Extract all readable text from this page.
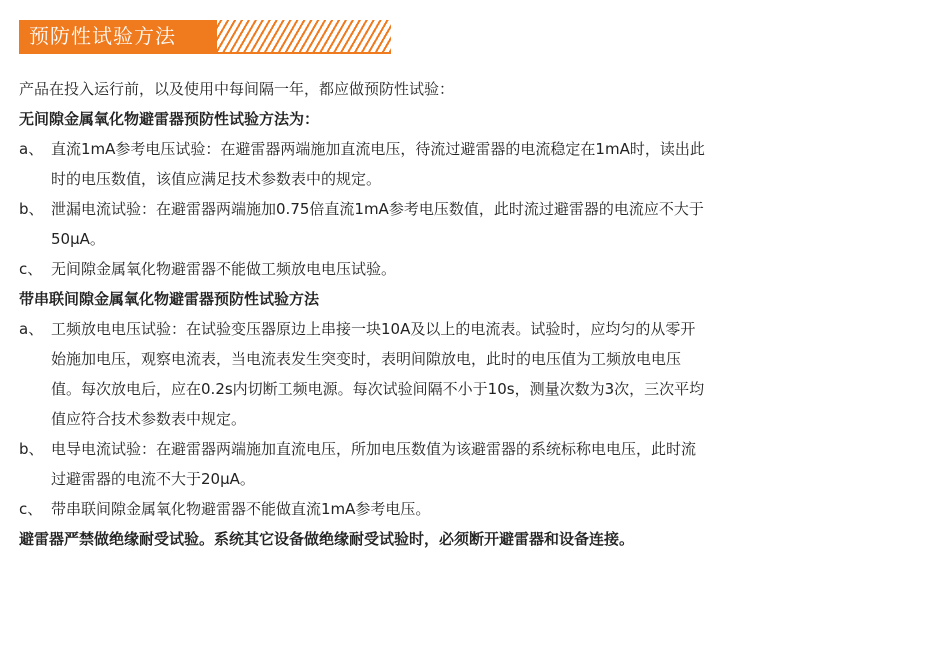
预防性试验方法

产品在投入运行前，以及使用中每间隔一年，都应做预防性试验：

无间隙金属氧化物避雷器预防性试验方法为：

a、 直流1mA参考电压试验：在避雷器两端施加直流电压，待流过避雷器的电流稳定在1mA时，读出此
时的电压数值，该值应满足技术参数表中的规定。
b、 泄漏电流试验：在避雷器两端施加0.75倍直流1mA参考电压数值，此时流过避雷器的电流应不大于
50μA。
c、 无间隙金属氧化物避雷器不能做工频放电电压试验。

带串联间隙金属氧化物避雷器预防性试验方法

a、 工频放电电压试验：在试验变压器原边上串接一块10A及以上的电流表。试验时，应均匀的从零开
始施加电压，观察电流表，当电流表发生突变时，表明间隙放电，此时的电压值为工频放电电压
值。每次放电后，应在0.2s内切断工频电源。每次试验间隔不小于10s，测量次数为3次，三次平均
值应符合技术参数表中规定。
b、 电导电流试验：在避雷器两端施加直流电压，所加电压数值为该避雷器的系统标称电电压，此时流
过避雷器的电流不大于20μA。
c、 带串联间隙金属氧化物避雷器不能做直流1mA参考电压。

避雷器严禁做绝缘耐受试验。系统其它设备做绝缘耐受试验时，必须断开避雷器和设备连接。
